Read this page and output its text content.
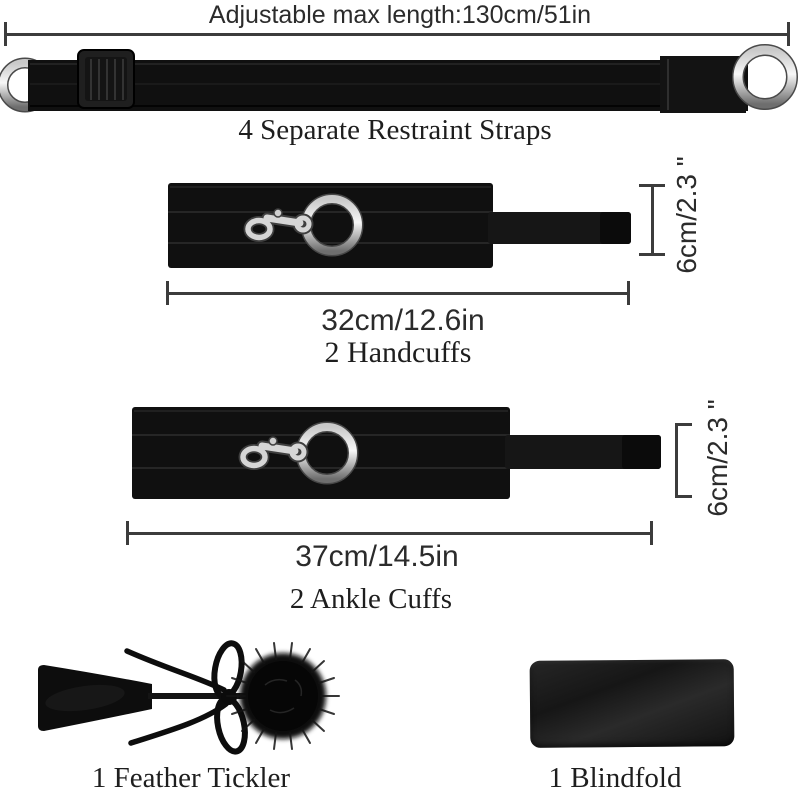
Adjustable max length:130cm/51in
4 Separate Restraint Straps
6cm/2.3 "
32cm/12.6in
2 Handcuffs
6cm/2.3 "
37cm/14.5in
2 Ankle Cuffs
1 Feather Tickler	1 Blindfold
